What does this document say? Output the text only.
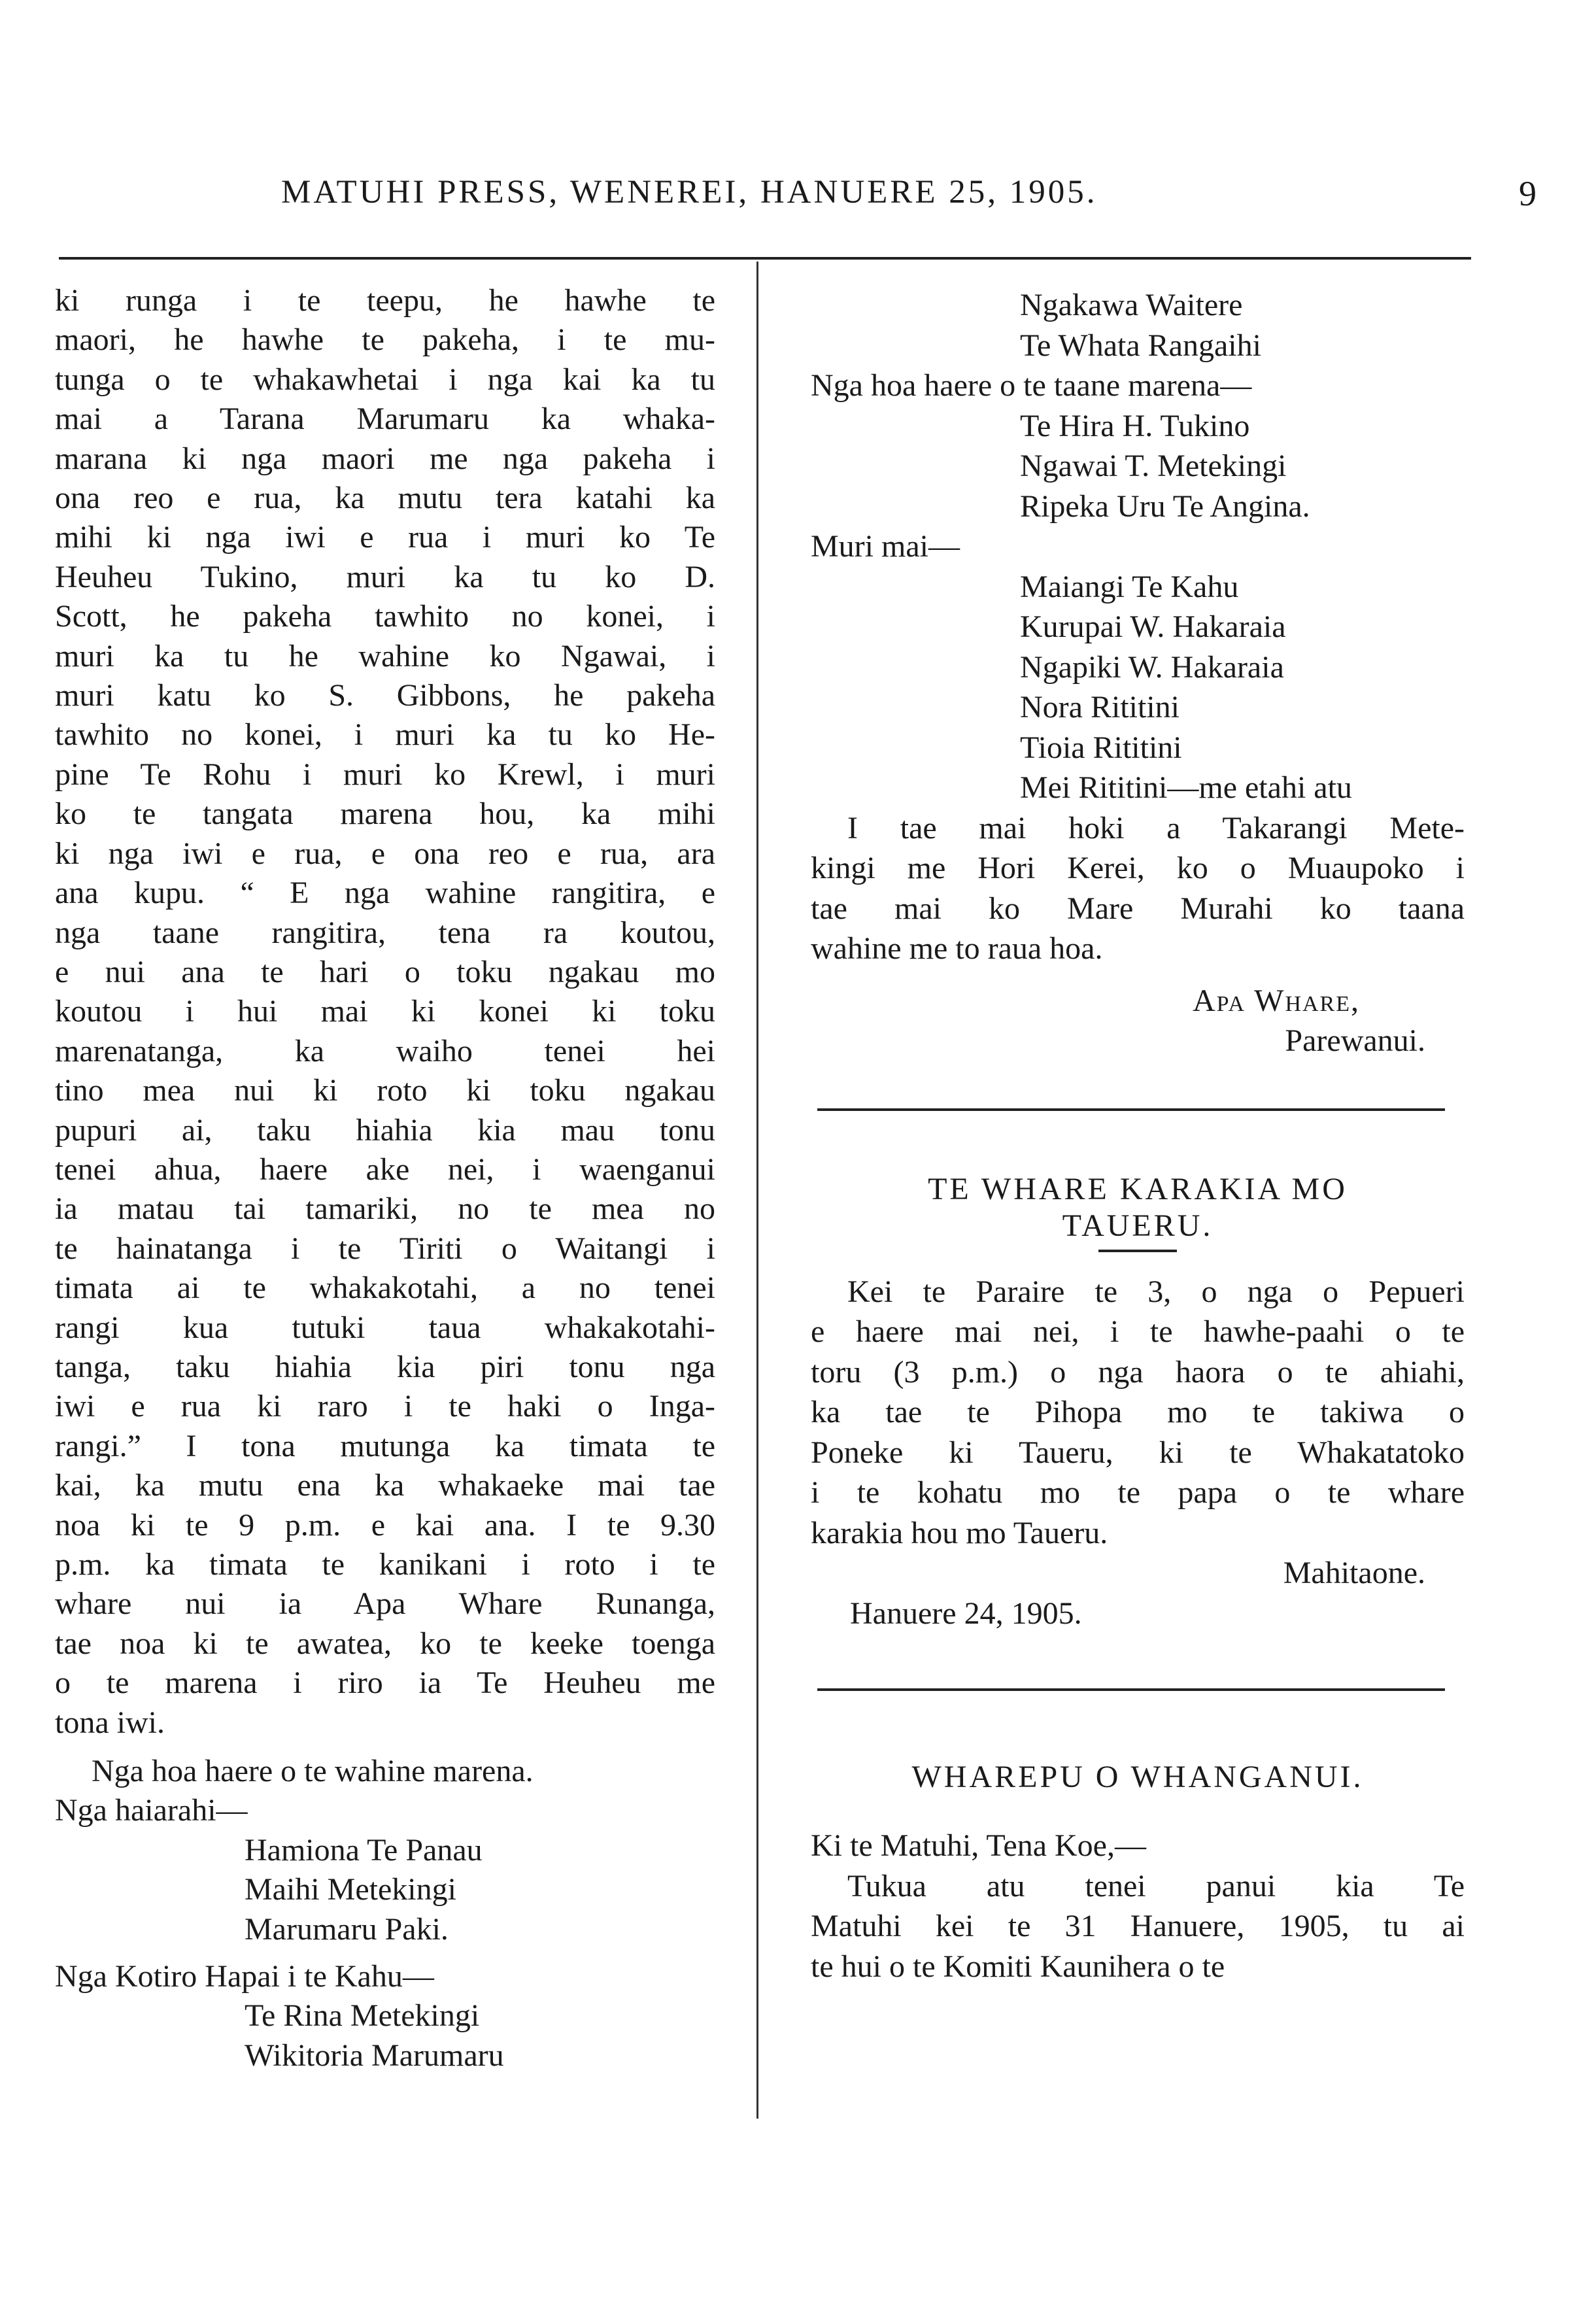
MATUHI PRESS, WENEREI, HANUERE 25, 1905.	9
ki runga i te teepu, he hawhe te
maori, he hawhe te pakeha, i te mu-
tunga o te whakawhetai i nga kai ka tu
mai a Tarana Marumaru ka whaka-
marana ki nga maori me nga pakeha i
ona reo e rua, ka mutu tera katahi ka
mihi ki nga iwi e rua i muri ko Te
Heuheu Tukino, muri ka tu ko D.
Scott, he pakeha tawhito no konei, i
muri ka tu he wahine ko Ngawai, i
muri katu ko S. Gibbons, he pakeha
tawhito no konei, i muri ka tu ko He-
pine Te Rohu i muri ko Krewl, i muri
ko te tangata marena hou, ka mihi
ki nga iwi e rua, e ona reo e rua, ara
ana kupu. “ E nga wahine rangitira, e
nga taane rangitira, tena ra koutou,
e nui ana te hari o toku ngakau mo
koutou i hui mai ki konei ki toku
marenatanga, ka waiho tenei hei
tino mea nui ki roto ki toku ngakau
pupuri ai, taku hiahia kia mau tonu
tenei ahua, haere ake nei, i waenganui
ia matau tai tamariki, no te mea no
te hainatanga i te Tiriti o Waitangi i
timata ai te whakakotahi, a no tenei
rangi kua tutuki taua whakakotahi-
tanga, taku hiahia kia piri tonu nga
iwi e rua ki raro i te haki o Inga-
rangi.” I tona mutunga ka timata te
kai, ka mutu ena ka whakaeke mai tae
noa ki te 9 p.m. e kai ana. I te 9.30
p.m. ka timata te kanikani i roto i te
whare nui ia Apa Whare Runanga,
tae noa ki te awatea, ko te keeke toenga
o te marena i riro ia Te Heuheu me
tona iwi.

Nga hoa haere o te wahine marena.

Nga haiarahi—

Hamiona Te Panau
Maihi Metekingi
Marumaru Paki.

Nga Kotiro Hapai i te Kahu—

Te Rina Metekingi
Wikitoria Marumaru
Ngakawa Waitere
Te Whata Rangaihi

Nga hoa haere o te taane marena—

Te Hira H. Tukino
Ngawai T. Metekingi
Ripeka Uru Te Angina.

Muri mai—

Maiangi Te Kahu
Kurupai W. Hakaraia
Ngapiki W. Hakaraia
Nora Rititini
Tioia Rititini
Mei Rititini—me etahi atu
I tae mai hoki a Takarangi Mete-
kingi me Hori Kerei, ko o Muaupoko i
tae mai ko Mare Murahi ko taana
wahine me to raua hoa.

Apa Whare,

Parewanui.

TE WHARE KARAKIA MO
TAUERU.
Kei te Paraire te 3, o nga o Pepueri
e haere mai nei, i te hawhe-paahi o te
toru (3 p.m.) o nga haora o te ahiahi,
ka tae te Pihopa mo te takiwa o
Poneke ki Taueru, ki te Whakatatoko
i te kohatu mo te papa o te whare
karakia hou mo Taueru.

Mahitaone.

Hanuere 24, 1905.

WHAREPU O WHANGANUI.

Ki te Matuhi, Tena Koe,—

Tukua atu tenei panui kia Te
Matuhi kei te 31 Hanuere, 1905, tu ai
te hui o te Komiti Kaunihera o te
